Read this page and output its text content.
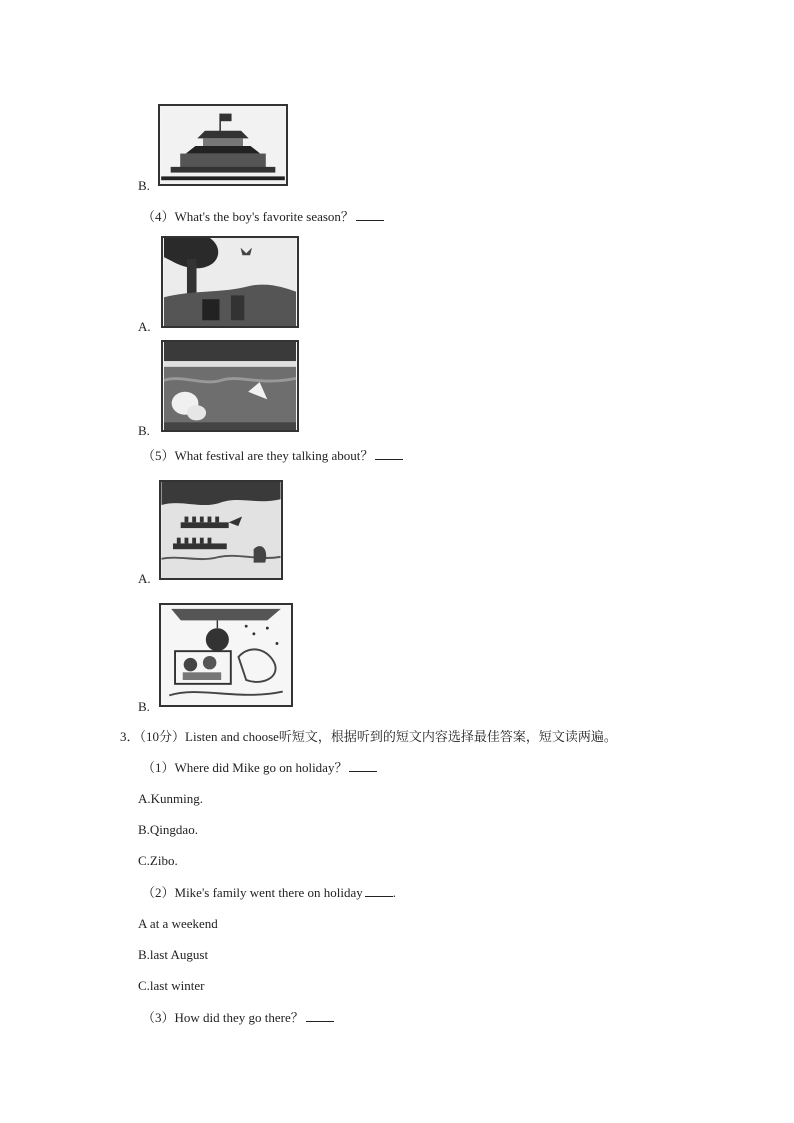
B.
（4）What's the boy's favorite season？
A.
B.
（5）What festival are they talking about？
A.
B.
3．（10分）Listen and choose听短文，根据听到的短文内容选择最佳答案，短文读两遍。
（1）Where did Mike go on holiday？
A.Kunming.
B.Qingdao.
C.Zibo.
（2）Mike's family went there on holiday .
A at a weekend
B.last August
C.last winter
（3）How did they go there？
